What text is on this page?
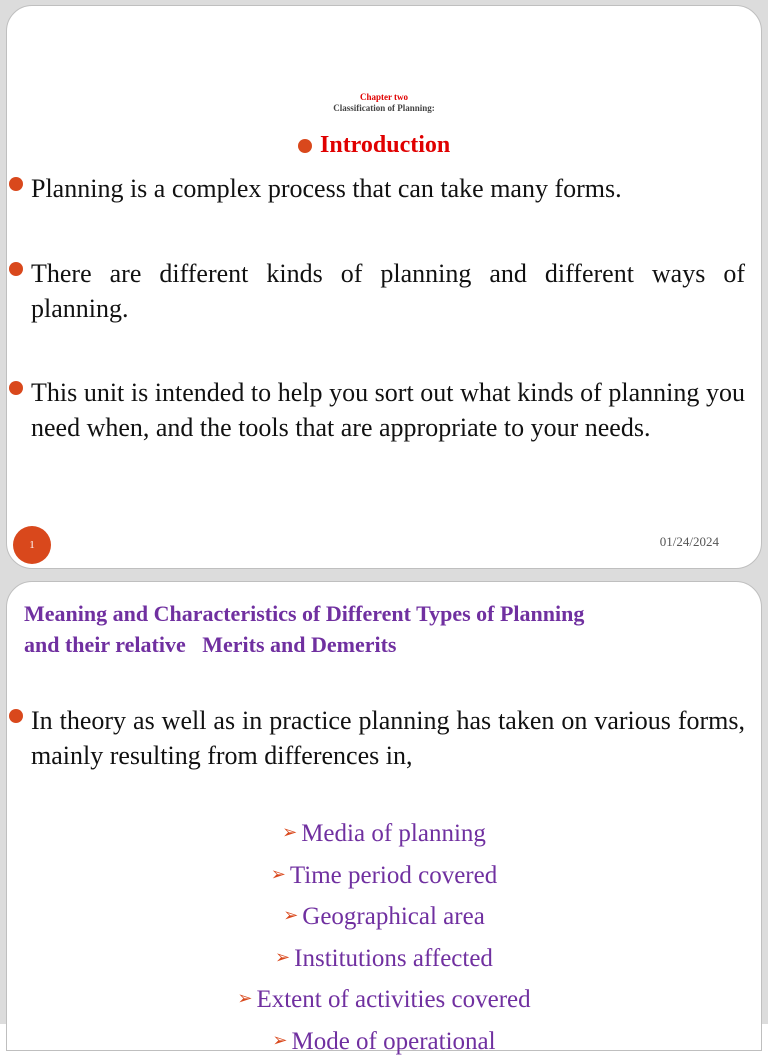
Chapter two
Classification of Planning:
Introduction
Planning is a complex process that can take many forms.
There are different kinds of planning and different ways of planning.
This unit is intended to help you sort out what kinds of planning you need when, and the tools that are appropriate to your needs.
1	01/24/2024
Meaning and Characteristics of Different Types of Planning
and their relative   Merits and Demerits
In theory as well as in practice planning has taken on various forms, mainly resulting from differences in,
➢ Media of planning
➢ Time period covered
➢ Geographical area
➢ Institutions affected
➢ Extent of activities covered
➢ Mode of operational
